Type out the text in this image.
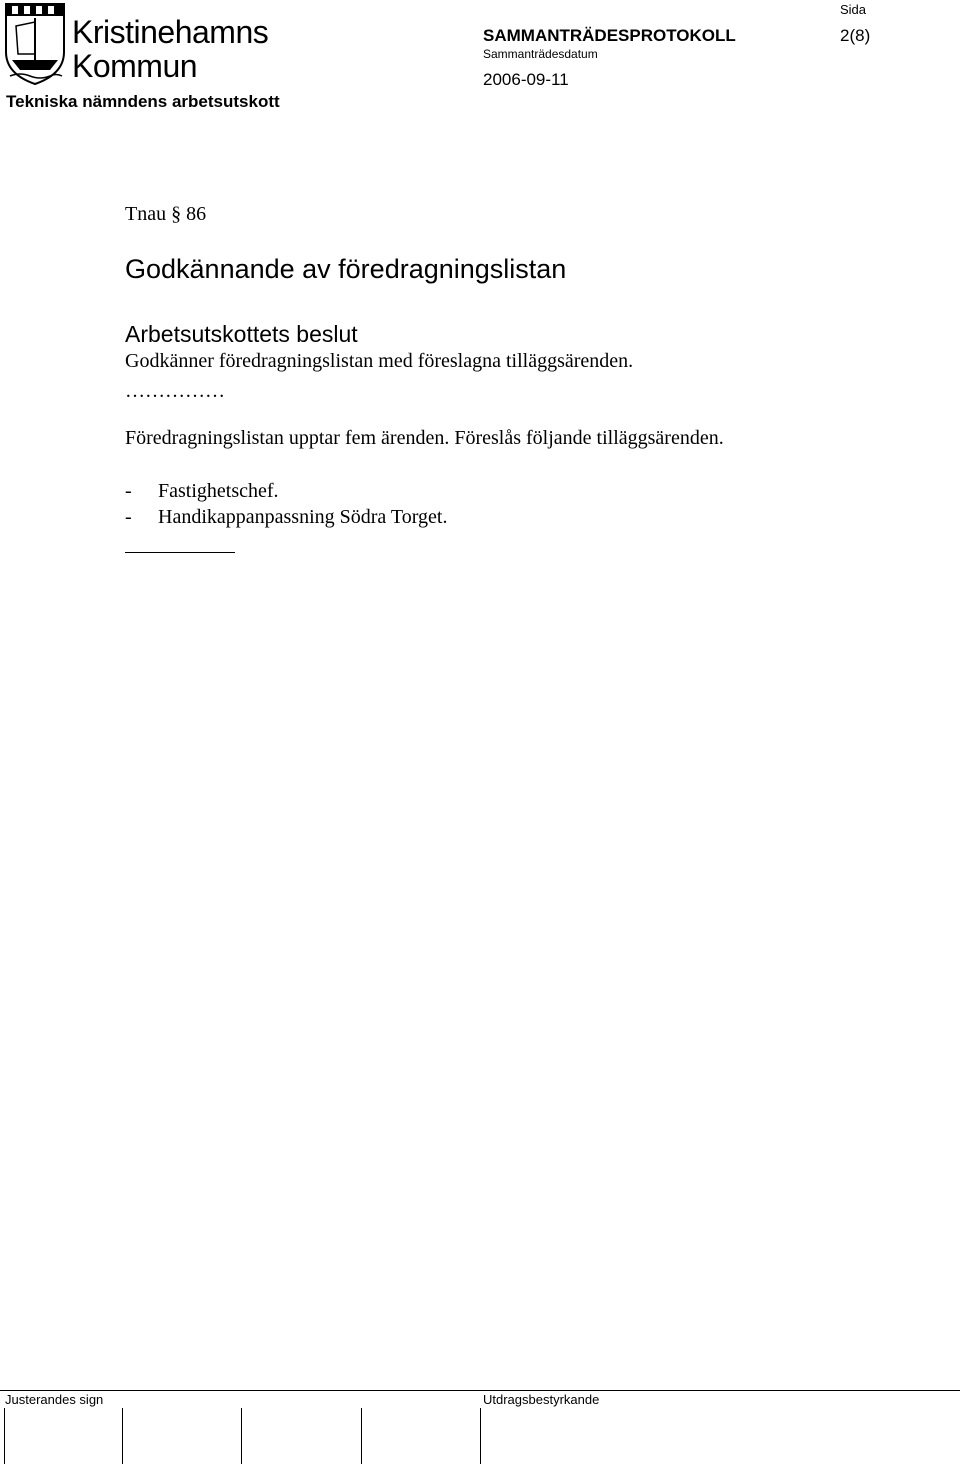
Kristinehamns
Kommun
Tekniska nämndens arbetsutskott
SAMMANTRÄDESPROTOKOLL
Sammanträdesdatum
2006-09-11
Sida
2(8)
Tnau § 86
Godkännande av föredragningslistan
Arbetsutskottets beslut
Godkänner föredragningslistan med föreslagna tilläggsärenden.
……………
Föredragningslistan upptar fem ärenden. Föreslås följande tilläggsärenden.
- Fastighetschef.
- Handikappanpassning Södra Torget.
Justerandes sign	Utdragsbestyrkande
